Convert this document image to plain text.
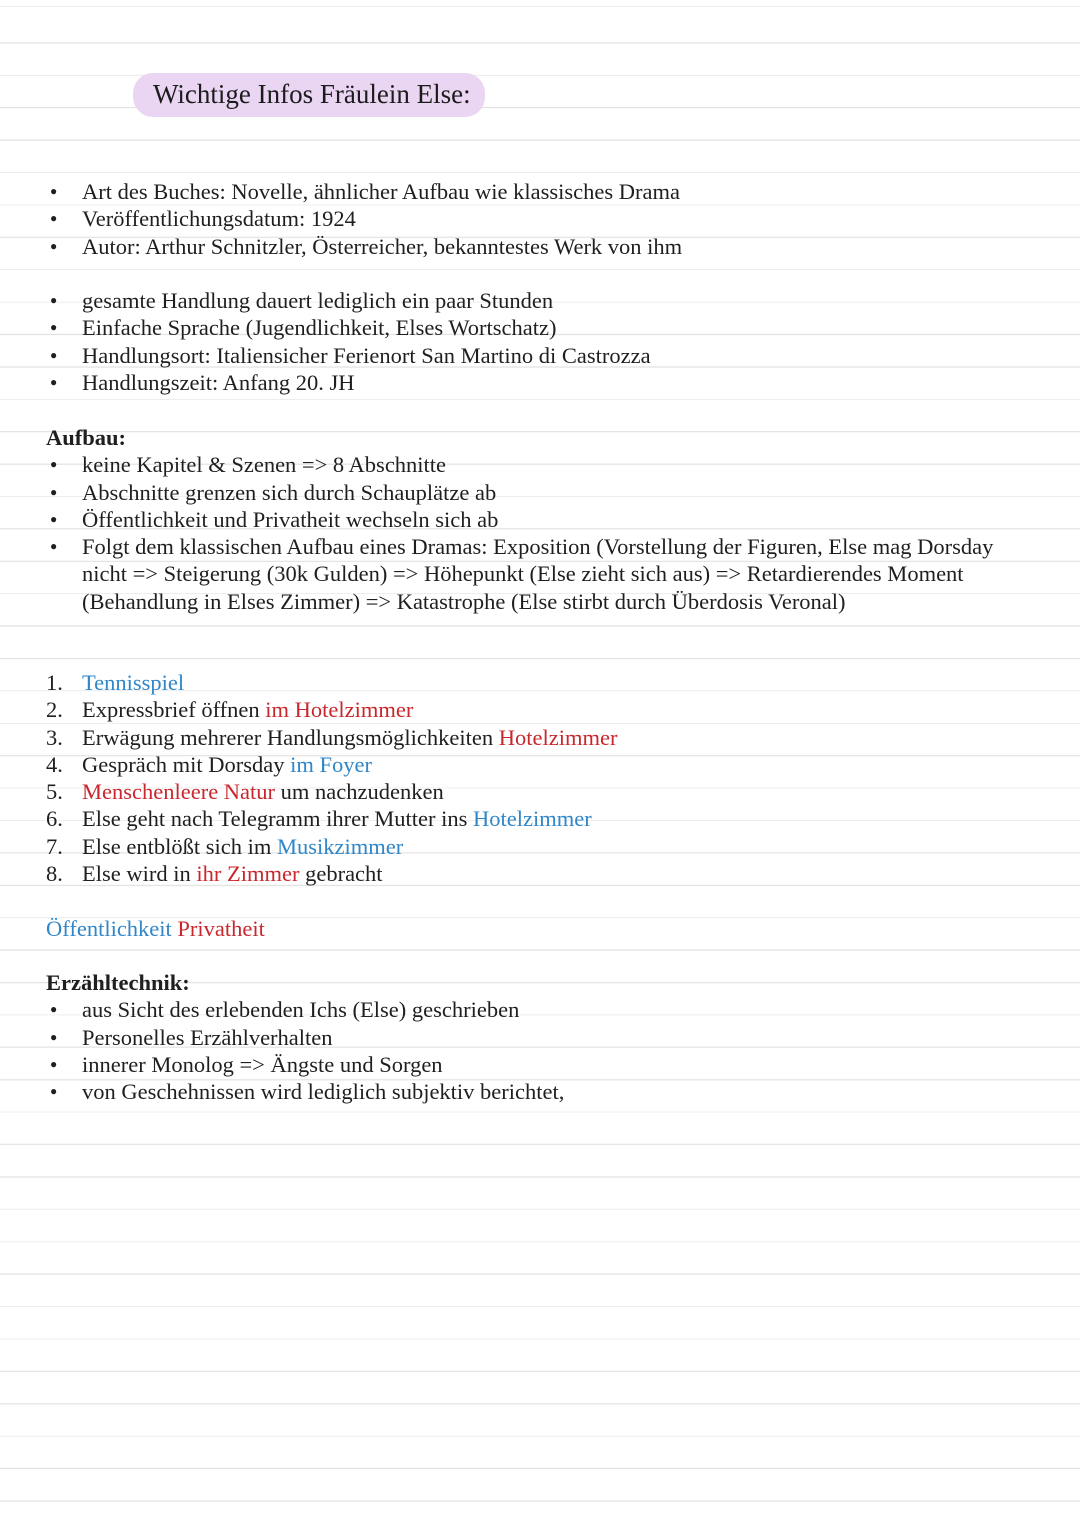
Wichtige Infos Fräulein Else:
● Art des Buches: Novelle, ähnlicher Aufbau wie klassisches Drama
● Veröffentlichungsdatum: 1924
● Autor: Arthur Schnitzler, Österreicher, bekanntestes Werk von ihm
● gesamte Handlung dauert lediglich ein paar Stunden
● Einfache Sprache (Jugendlichkeit, Elses Wortschatz)
● Handlungsort: Italiensicher Ferienort San Martino di Castrozza
● Handlungszeit: Anfang 20. JH
Aufbau:
● keine Kapitel & Szenen => 8 Abschnitte
● Abschnitte grenzen sich durch Schauplätze ab
● Öffentlichkeit und Privatheit wechseln sich ab
● Folgt dem klassischen Aufbau eines Dramas: Exposition (Vorstellung der Figuren, Else mag Dorsday nicht => Steigerung (30k Gulden) => Höhepunkt (Else zieht sich aus) => Retardierendes Moment (Behandlung in Elses Zimmer) => Katastrophe (Else stirbt durch Überdosis Veronal)
1. Tennisspiel
2. Expressbrief öffnen im Hotelzimmer
3. Erwägung mehrerer Handlungsmöglichkeiten Hotelzimmer
4. Gespräch mit Dorsday im Foyer
5. Menschenleere Natur um nachzudenken
6. Else geht nach Telegramm ihrer Mutter ins Hotelzimmer
7. Else entblößt sich im Musikzimmer
8. Else wird in ihr Zimmer gebracht
Öffentlichkeit Privatheit
Erzähltechnik:
● aus Sicht des erlebenden Ichs (Else) geschrieben
● Personelles Erzählverhalten
● innerer Monolog => Ängste und Sorgen
● von Geschehnissen wird lediglich subjektiv berichtet,
